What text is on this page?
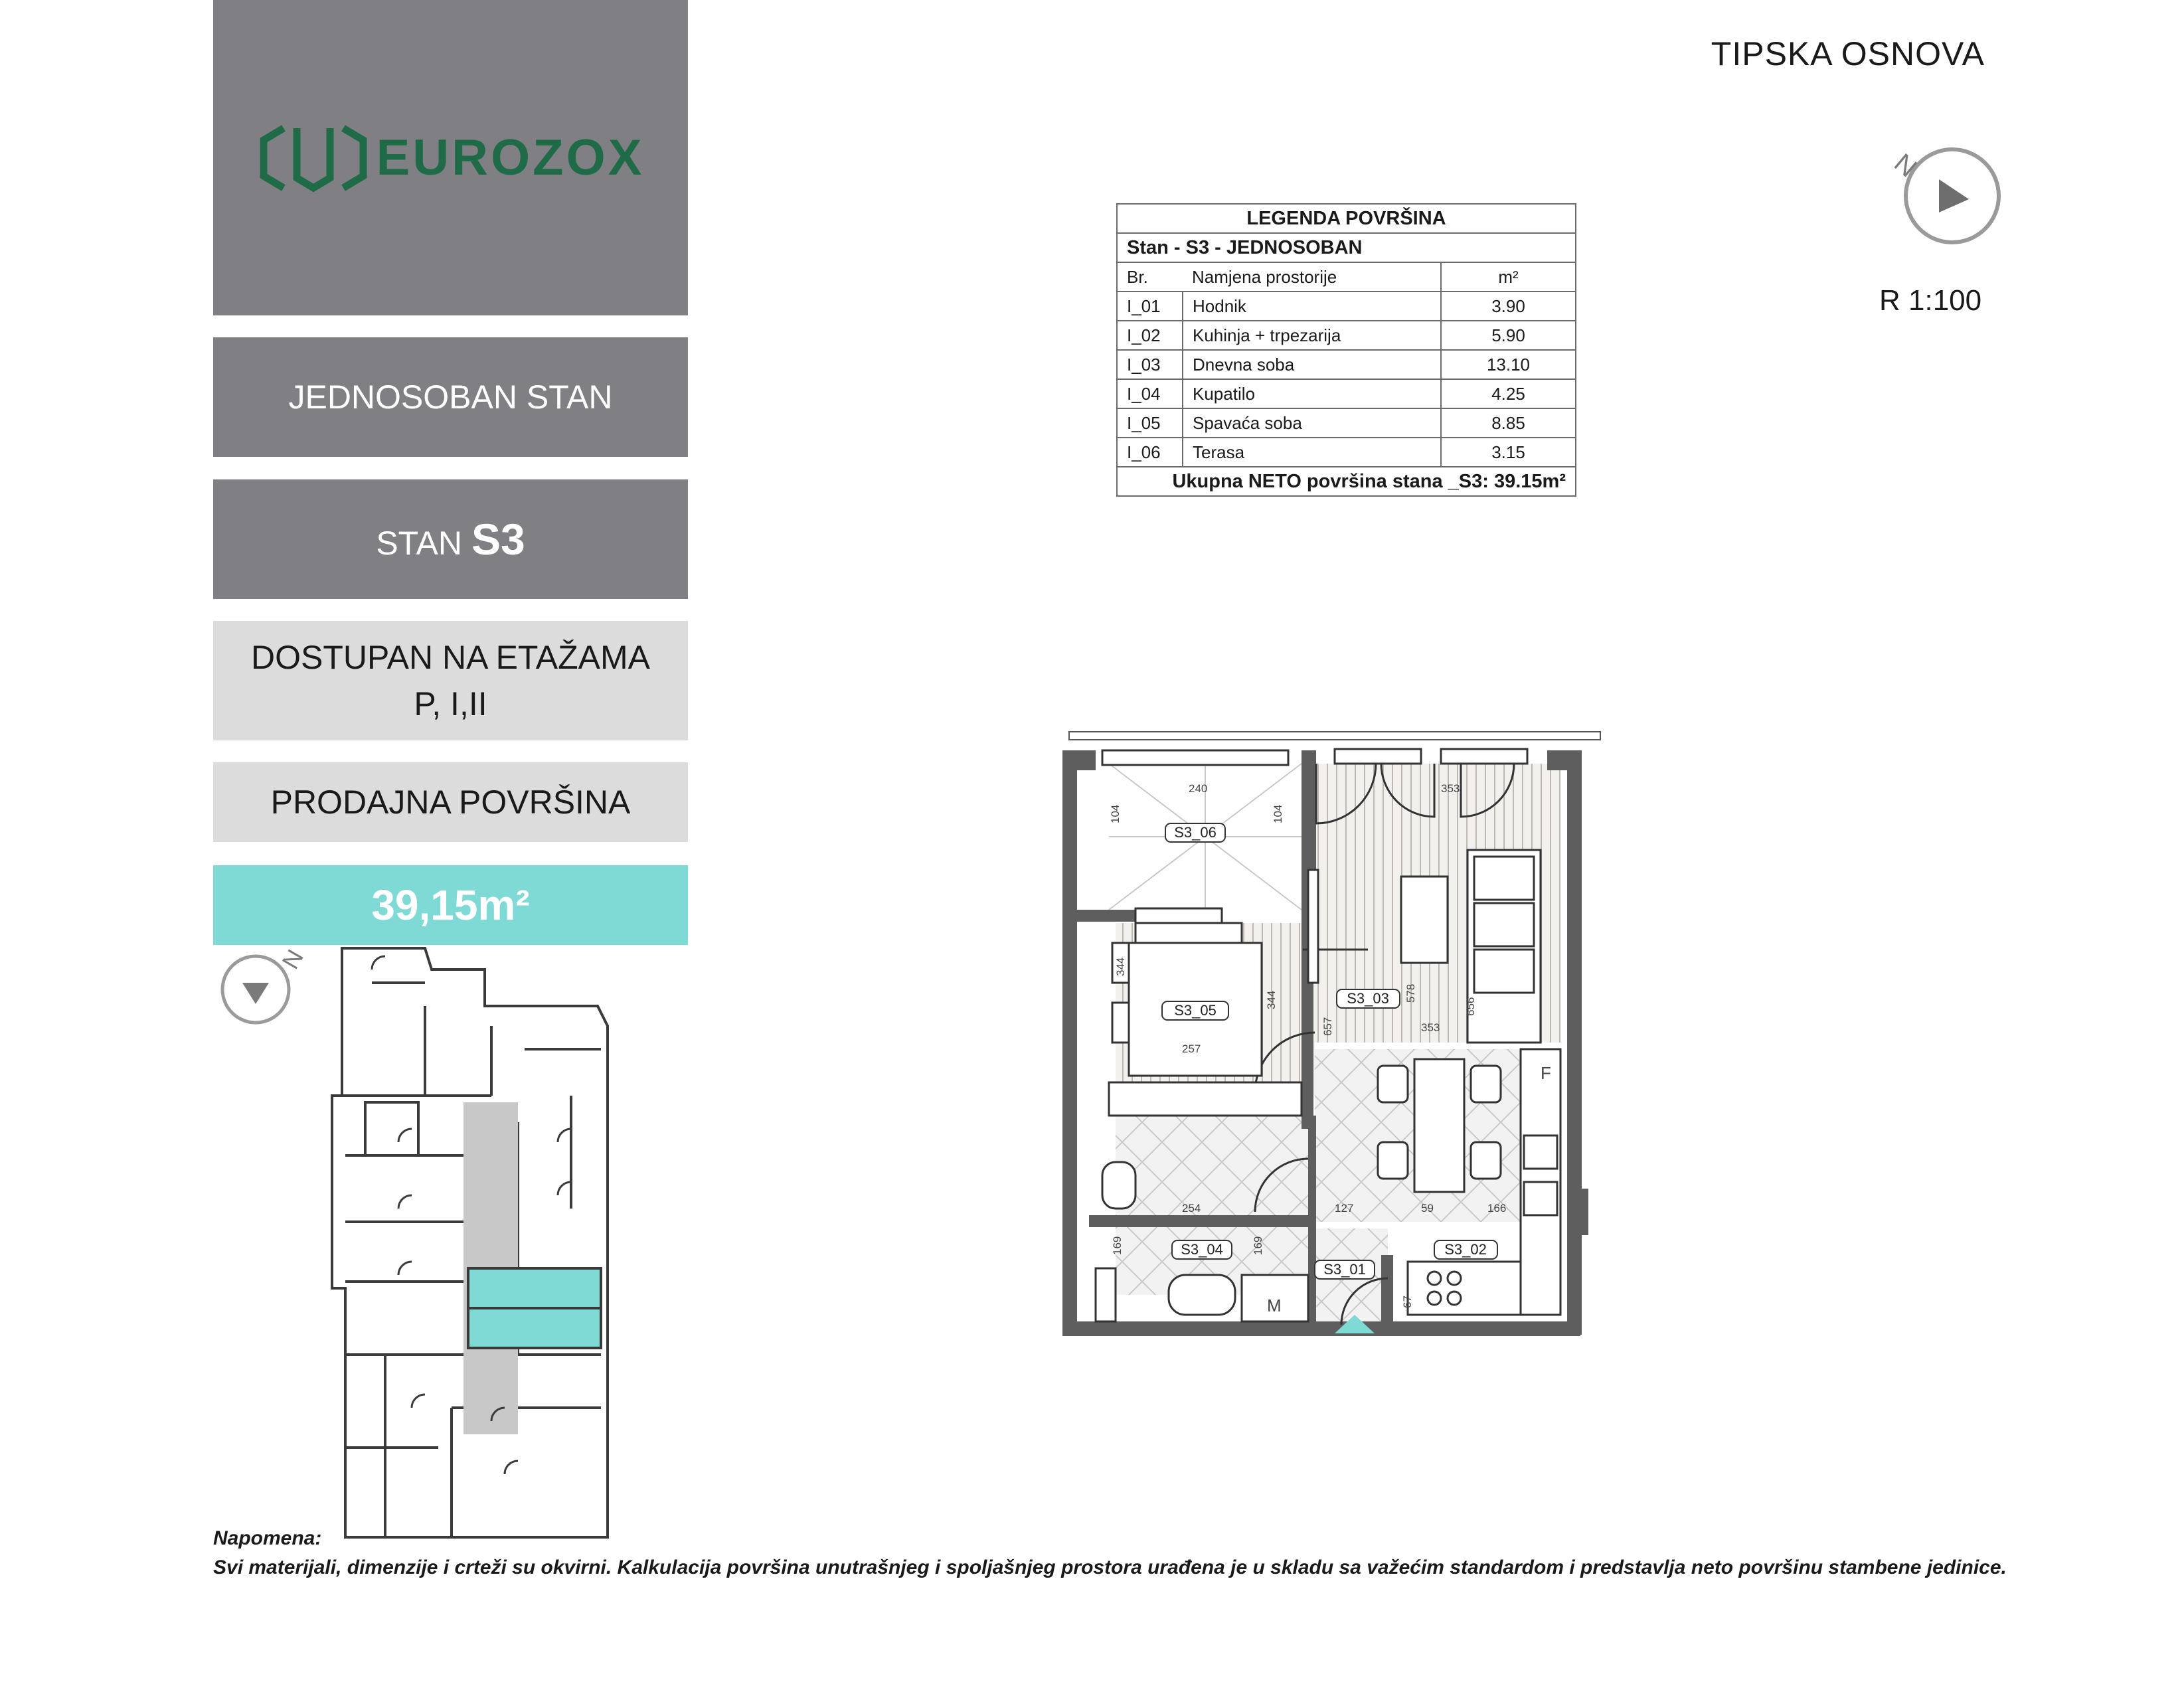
EUROZOX
JEDNOSOBAN STAN
STAN S3
DOSTUPAN NA ETAŽAMA
P, I,II
PRODAJNA POVRŠINA
39,15m²
N
TIPSKA OSNOVA
N
R 1:100
LEGENDA POVRŠINA		
Stan - S3 - JEDNOSOBAN		
Br.	Namjena prostorije	m²
I_01	Hodnik	3.90
I_02	Kuhinja + trpezarija	5.90
I_03	Dnevna soba	13.10
I_04	Kupatilo	4.25
I_05	Spavaća soba	8.85
I_06	Terasa	3.15
Ukupna NETO površina stana _S3: 39.15m²		
S3_06
S3_05
S3_03
S3_04
S3_01
S3_02
240
104	104
353
344
344
257
578
353
656
657
254	127	59	166
169	169
67
F
M
Napomena:
Svi materijali, dimenzije i crteži su okvirni. Kalkulacija površina unutrašnjeg i spoljašnjeg prostora urađena je u skladu sa važećim standardom i predstavlja neto površinu stambene jedinice.
